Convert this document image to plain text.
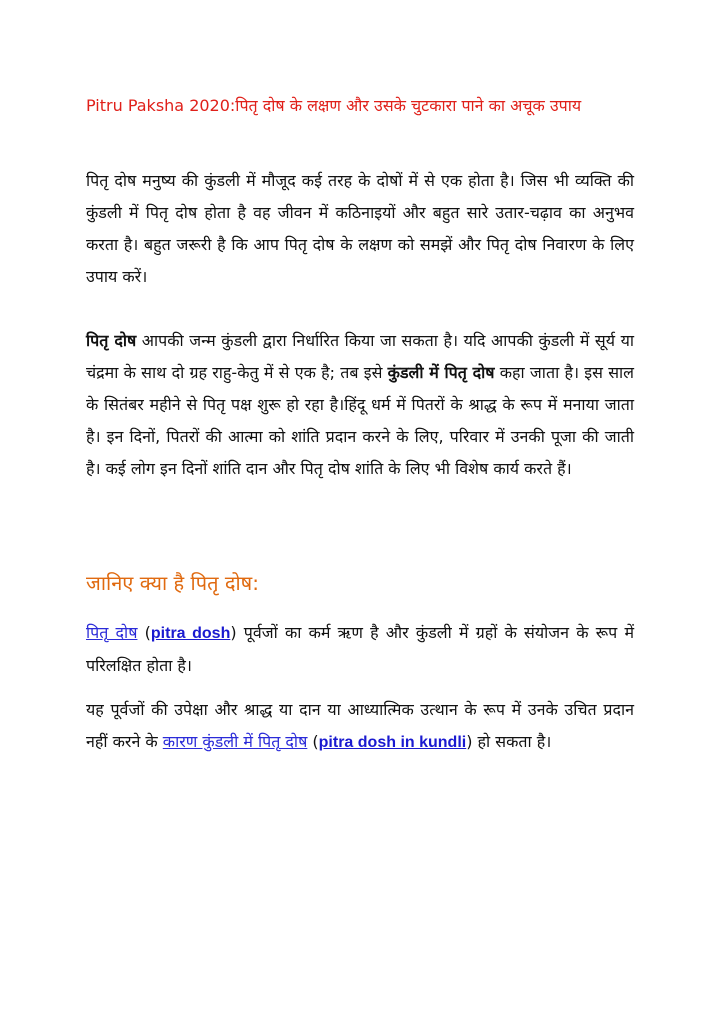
Pitru Paksha 2020:पितृ दोष के लक्षण और उसके चुटकारा पाने का अचूक उपाय
पितृ दोष मनुष्य की कुंडली में मौजूद कई तरह के दोषों में से एक होता है। जिस भी व्यक्ति की कुंडली में पितृ दोष होता है वह जीवन में कठिनाइयों और बहुत सारे उतार-चढ़ाव का अनुभव करता है। बहुत जरूरी है कि आप पितृ दोष के लक्षण को समझें और पितृ दोष निवारण के लिए उपाय करें।
पितृ दोष आपकी जन्म कुंडली द्वारा निर्धारित किया जा सकता है। यदि आपकी कुंडली में सूर्य या चंद्रमा के साथ दो ग्रह राहु-केतु में से एक है; तब इसे कुंडली में पितृ दोष कहा जाता है। इस साल के सितंबर महीने से पितृ पक्ष शुरू हो रहा है।हिंदू धर्म में पितरों के श्राद्ध के रूप में मनाया जाता है। इन दिनों, पितरों की आत्मा को शांति प्रदान करने के लिए, परिवार में उनकी पूजा की जाती है। कई लोग इन दिनों शांति दान और पितृ दोष शांति के लिए भी विशेष कार्य करते हैं।
जानिए क्या है पितृ दोष:
पितृ दोष (pitra dosh) पूर्वजों का कर्म ऋण है और कुंडली में ग्रहों के संयोजन के रूप में परिलक्षित होता है।
यह पूर्वजों की उपेक्षा और श्राद्ध या दान या आध्यात्मिक उत्थान के रूप में उनके उचित प्रदान नहीं करने के कारण कुंडली में पितृ दोष (pitra dosh in kundli) हो सकता है।
